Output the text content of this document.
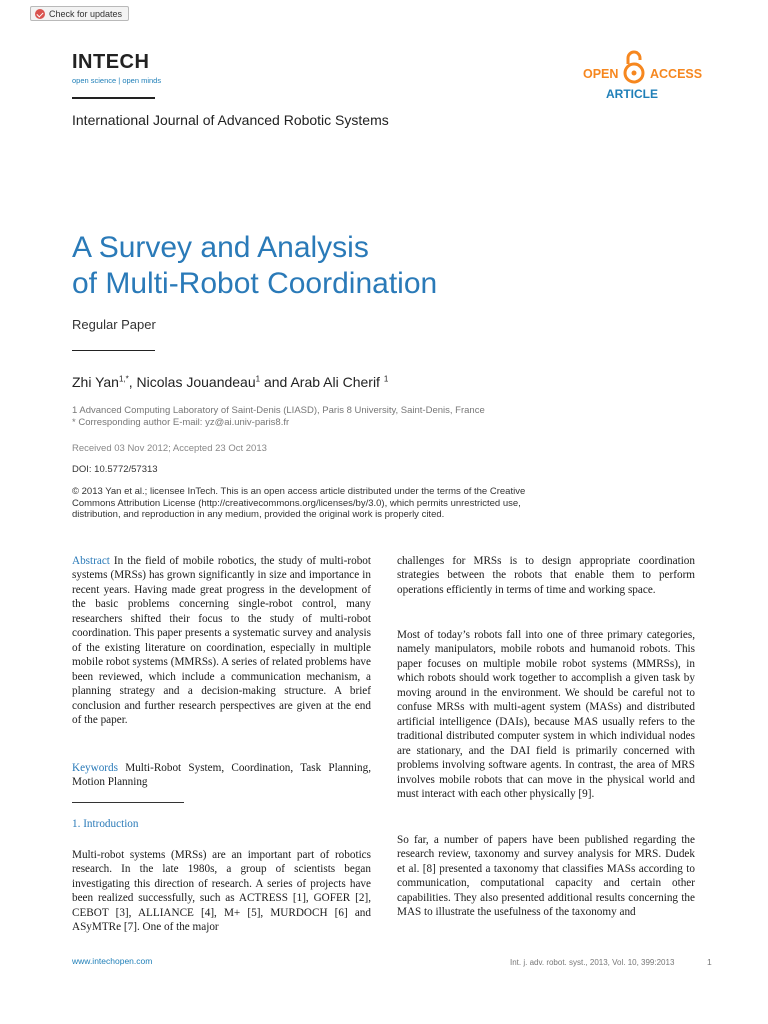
Check for updates
INTECH
open science | open minds	OPEN	ACCESS
ARTICLE
International Journal of Advanced Robotic Systems
A Survey and Analysis
of Multi-Robot Coordination
Regular Paper
Zhi Yan$^{1,*}$, Nicolas Jouandeau$^1$ and Arab Ali Cherif $^1$
1 Advanced Computing Laboratory of Saint-Denis (LIASD), Paris 8 University, Saint-Denis, France
* Corresponding author E-mail: yz@ai.univ-paris8.fr
Received 03 Nov 2012; Accepted 23 Oct 2013
DOI: 10.5772/57313
© 2013 Yan et al.; licensee InTech. This is an open access article distributed under the terms of the Creative Commons Attribution License (http://creativecommons.org/licenses/by/3.0), which permits unrestricted use, distribution, and reproduction in any medium, provided the original work is properly cited.
Abstract In the field of mobile robotics, the study of multi-robot systems (MRSs) has grown significantly in size and importance in recent years. Having made great progress in the development of the basic problems concerning single-robot control, many researchers shifted their focus to the study of multi-robot coordination. This paper presents a systematic survey and analysis of the existing literature on coordination, especially in multiple mobile robot systems (MMRSs). A series of related problems have been reviewed, which include a communication mechanism, a planning strategy and a decision-making structure. A brief conclusion and further research perspectives are given at the end of the paper.
Keywords Multi-Robot System, Coordination, Task Planning, Motion Planning
1. Introduction
Multi-robot systems (MRSs) are an important part of robotics research. In the late 1980s, a group of scientists began investigating this direction of research. A series of projects have been realized successfully, such as ACTRESS [1], GOFER [2], CEBOT [3], ALLIANCE [4], M+ [5], MURDOCH [6] and ASyMTRe [7]. One of the major
challenges for MRSs is to design appropriate coordination strategies between the robots that enable them to perform operations efficiently in terms of time and working space.
Most of today’s robots fall into one of three primary categories, namely manipulators, mobile robots and humanoid robots. This paper focuses on multiple mobile robot systems (MMRSs), in which robots should work together to accomplish a given task by moving around in the environment. We should be careful not to confuse MRSs with multi-agent system (MASs) and distributed artificial intelligence (DAIs), because MAS usually refers to the traditional distributed computer system in which individual nodes are stationary, and the DAI field is primarily concerned with problems involving software agents. In contrast, the area of MRS involves mobile robots that can move in the physical world and must interact with each other physically [9].
So far, a number of papers have been published regarding the research review, taxonomy and survey analysis for MRS. Dudek et al. [8] presented a taxonomy that classifies MASs according to communication, computational capacity and certain other capabilities. They also presented additional results concerning the MAS to illustrate the usefulness of the taxonomy and
www.intechopen.com	Int. j. adv. robot. syst., 2013, Vol. 10, 399:2013	1
